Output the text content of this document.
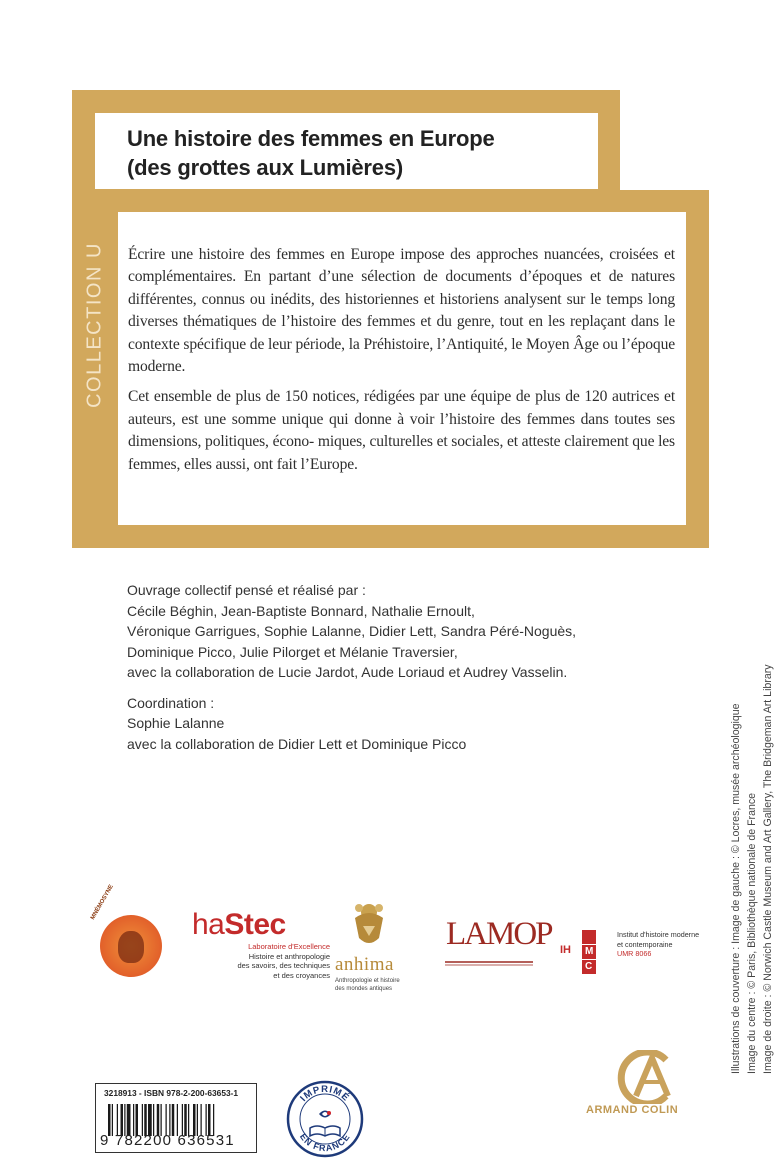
Une histoire des femmes en Europe
(des grottes aux Lumières)
COLLECTION U Écrire une histoire des femmes en Europe impose des approches nuancées, croisées et complémentaires. En partant d’une sélection de documents d’époques et de natures différentes, connus ou inédits, des historiennes et historiens analysent sur le temps long diverses thématiques de l’histoire des femmes et du genre, tout en les replaçant dans le contexte spécifique de leur période, la Préhistoire, l’Antiquité, le Moyen Âge ou l’époque moderne.

Cet ensemble de plus de 150 notices, rédigées par une équipe de plus de 120 autrices et auteurs, est une somme unique qui donne à voir l’histoire des femmes dans toutes ses dimensions, politiques, écono- miques, culturelles et sociales, et atteste clairement que les femmes, elles aussi, ont fait l’Europe.

Ouvrage collectif pensé et réalisé par :
Cécile Béghin, Jean-Baptiste Bonnard, Nathalie Ernoult,
Véronique Garrigues, Sophie Lalanne, Didier Lett, Sandra Péré-Noguès,
Dominique Picco, Julie Pilorget et Mélanie Traversier,
avec la collaboration de Lucie Jardot, Aude Loriaud et Audrey Vasselin.
Coordination :
Sophie Lalanne
avec la collaboration de Didier Lett et Dominique Picco	Illustrations de couverture : Image de gauche : © Locres, musée archéologique Image du centre : © Paris, Bibliothèque nationale de France Image de droite : © Norwich Castle Museum and Art Gallery, The Bridgeman Art Library
MNÉMOSYNE
haStec
Laboratoire d'Excellence
Histoire et anthropologie
des savoirs, des techniques
et des croyances anhima
Anthropologie et histoire
des mondes antiques
LAMOP IH M
C
Institut d'histoire moderne
et contemporaine
UMR 8066
3218913 - ISBN 978-2-200-63653-1
9 782200 636531
IMPRIMÉ
EN FRANCE
ARMAND COLIN
